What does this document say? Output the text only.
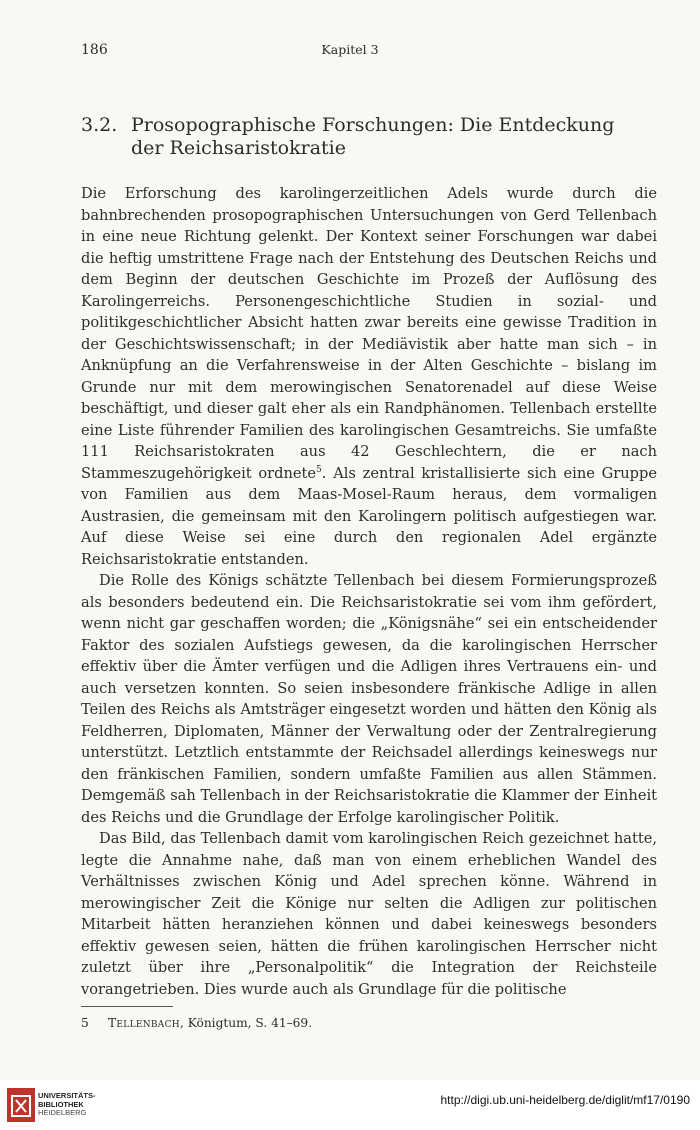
186	Kapitel 3
3.2. Prosopographische Forschungen: Die Entdeckung der Reichsaristokratie

Die Erforschung des karolingerzeitlichen Adels wurde durch die bahnbrechenden prosopographischen Untersuchungen von Gerd Tellenbach in eine neue Richtung gelenkt. Der Kontext seiner Forschungen war dabei die heftig umstrittene Frage nach der Entstehung des Deutschen Reichs und dem Beginn der deutschen Geschichte im Prozeß der Auflösung des Karolingerreichs. Personengeschichtliche Studien in sozial- und politikgeschichtlicher Absicht hatten zwar bereits eine gewisse Tradition in der Geschichtswissenschaft; in der Mediävistik aber hatte man sich – in Anknüpfung an die Verfahrensweise in der Alten Geschichte – bislang im Grunde nur mit dem merowingischen Senatorenadel auf diese Weise beschäftigt, und dieser galt eher als ein Randphänomen. Tellenbach erstellte eine Liste führender Familien des karolingischen Gesamtreichs. Sie umfaßte 111 Reichsaristokraten aus 42 Geschlechtern, die er nach Stammeszugehörigkeit ordnete$^5$. Als zentral kristallisierte sich eine Gruppe von Familien aus dem Maas-Mosel-Raum heraus, dem vormaligen Austrasien, die gemeinsam mit den Karolingern politisch aufgestiegen war. Auf diese Weise sei eine durch den regionalen Adel ergänzte Reichsaristokratie entstanden.

Die Rolle des Königs schätzte Tellenbach bei diesem Formierungsprozeß als besonders bedeutend ein. Die Reichsaristokratie sei vom ihm gefördert, wenn nicht gar geschaffen worden; die „Königsnähe“ sei ein entscheidender Faktor des sozialen Aufstiegs gewesen, da die karolingischen Herrscher effektiv über die Ämter verfügen und die Adligen ihres Vertrauens ein- und auch versetzen konnten. So seien insbesondere fränkische Adlige in allen Teilen des Reichs als Amtsträger eingesetzt worden und hätten den König als Feldherren, Diplomaten, Männer der Verwaltung oder der Zentralregierung unterstützt. Letztlich entstammte der Reichsadel allerdings keineswegs nur den fränkischen Familien, sondern umfaßte Familien aus allen Stämmen. Demgemäß sah Tellenbach in der Reichsaristokratie die Klammer der Einheit des Reichs und die Grundlage der Erfolge karolingischer Politik.

Das Bild, das Tellenbach damit vom karolingischen Reich gezeichnet hatte, legte die Annahme nahe, daß man von einem erheblichen Wandel des Verhältnisses zwischen König und Adel sprechen könne. Während in merowingischer Zeit die Könige nur selten die Adligen zur politischen Mitarbeit hätten heranziehen können und dabei keineswegs besonders effektiv gewesen seien, hätten die frühen karolingischen Herrscher nicht zuletzt über ihre „Personalpolitik“ die Integration der Reichsteile vorangetrieben. Dies wurde auch als Grundlage für die politische

5 Tellenbach, Königtum, S. 41–69.
UNIVERSITÄTS-
BIBLIOTHEK
HEIDELBERG
http://digi.ub.uni-heidelberg.de/diglit/mf17/0190
